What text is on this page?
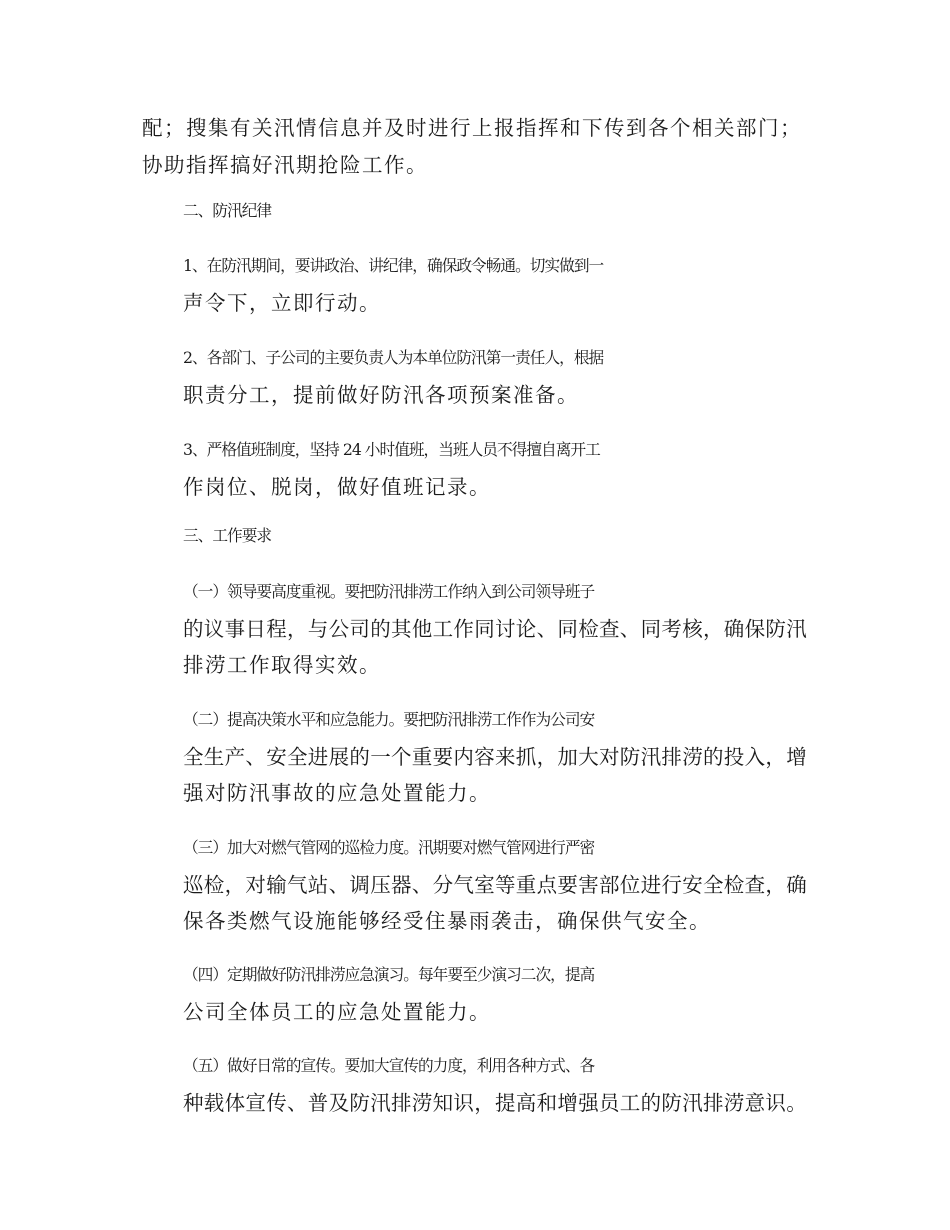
配；搜集有关汛情信息并及时进行上报指挥和下传到各个相关部门；
协助指挥搞好汛期抢险工作。

二、防汛纪律

1、在防汛期间，要讲政治、讲纪律，确保政令畅通。切实做到一
声令下，立即行动。

2、各部门、子公司的主要负责人为本单位防汛第一责任人，根据
职责分工，提前做好防汛各项预案准备。

3、严格值班制度，坚持 24 小时值班，当班人员不得擅自离开工
作岗位、脱岗，做好值班记录。

三、工作要求

（一）领导要高度重视。要把防汛排涝工作纳入到公司领导班子
的议事日程，与公司的其他工作同讨论、同检查、同考核，确保防汛
排涝工作取得实效。

（二）提高决策水平和应急能力。要把防汛排涝工作作为公司安
全生产、安全进展的一个重要内容来抓，加大对防汛排涝的投入，增
强对防汛事故的应急处置能力。

（三）加大对燃气管网的巡检力度。汛期要对燃气管网进行严密
巡检，对输气站、调压器、分气室等重点要害部位进行安全检查，确
保各类燃气设施能够经受住暴雨袭击，确保供气安全。

（四）定期做好防汛排涝应急演习。每年要至少演习二次，提高
公司全体员工的应急处置能力。

（五）做好日常的宣传。要加大宣传的力度，利用各种方式、各
种载体宣传、普及防汛排涝知识，提高和增强员工的防汛排涝意识。
